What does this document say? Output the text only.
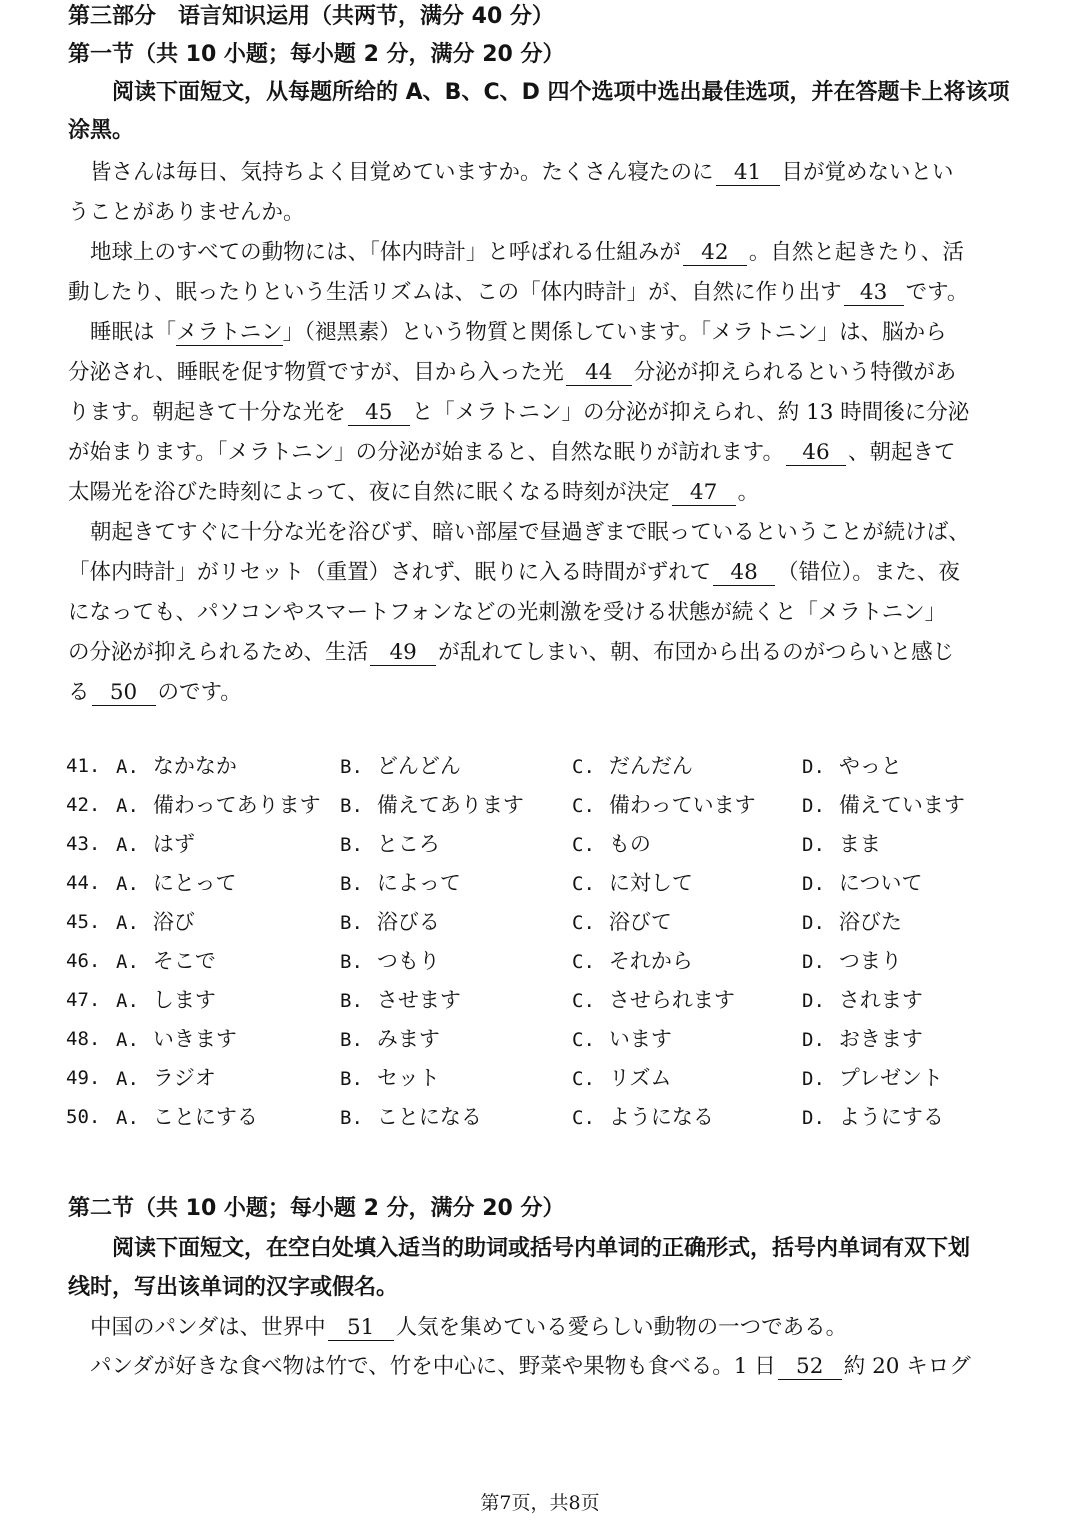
第三部分　语言知识运用（共两节，满分 40 分）
第一节（共 10 小题；每小题 2 分，满分 20 分）
阅读下面短文，从每题所给的 A、B、C、D 四个选项中选出最佳选项，并在答题卡上将该项
涂黑。
皆さんは毎日、気持ちよく目覚めていますか。たくさん寝たのに 41 目が覚めないとい
うことがありませんか。
地球上のすべての動物には、「体内時計」と呼ばれる仕組みが 42 。自然と起きたり、活
動したり、眠ったりという生活リズムは、この「体内時計」が、自然に作り出す 43 です。
睡眠は「メラトニン」（褪黑素）という物質と関係しています。「メラトニン」は、脳から
分泌され、睡眠を促す物質ですが、目から入った光 44 分泌が抑えられるという特徴があ
ります。朝起きて十分な光を 45 と「メラトニン」の分泌が抑えられ、約 13 時間後に分泌
が始まります。「メラトニン」の分泌が始まると、自然な眠りが訪れます。 46 、朝起きて
太陽光を浴びた時刻によって、夜に自然に眠くなる時刻が決定 47 。
朝起きてすぐに十分な光を浴びず、暗い部屋で昼過ぎまで眠っているということが続けば、
「体内時計」がリセット（重置）されず、眠りに入る時間がずれて 48 （错位）。また、夜
になっても、パソコンやスマートフォンなどの光刺激を受ける状態が続くと「メラトニン」
の分泌が抑えられるため、生活 49 が乱れてしまい、朝、布団から出るのがつらいと感じ
る 50 のです。
41. A. なかなか	B. どんどん	C. だんだん	D. やっと
42. A. 備わってあります B. 備えてあります	C. 備わっています D. 備えています
43. A. はず	B. ところ	C. もの	D. まま
44. A. にとって	B. によって	C. に対して	D. について
45. A. 浴び	B. 浴びる	C. 浴びて	D. 浴びた
46. A. そこで	B. つもり	C. それから	D. つまり
47. A. します	B. させます	C. させられます	D. されます
48. A. いきます	B. みます	C. います	D. おきます
49. A. ラジオ	B. セット	C. リズム	D. プレゼント
50. A. ことにする	B. ことになる	C. ようになる	D. ようにする
第二节（共 10 小题；每小题 2 分，满分 20 分）
阅读下面短文，在空白处填入适当的助词或括号内单词的正确形式，括号内单词有双下划
线时，写出该单词的汉字或假名。
中国のパンダは、世界中 51 人気を集めている愛らしい動物の一つである。
パンダが好きな食べ物は竹で、竹を中心に、野菜や果物も食べる。1 日 52 約 20 キログ
第7页，共8页
